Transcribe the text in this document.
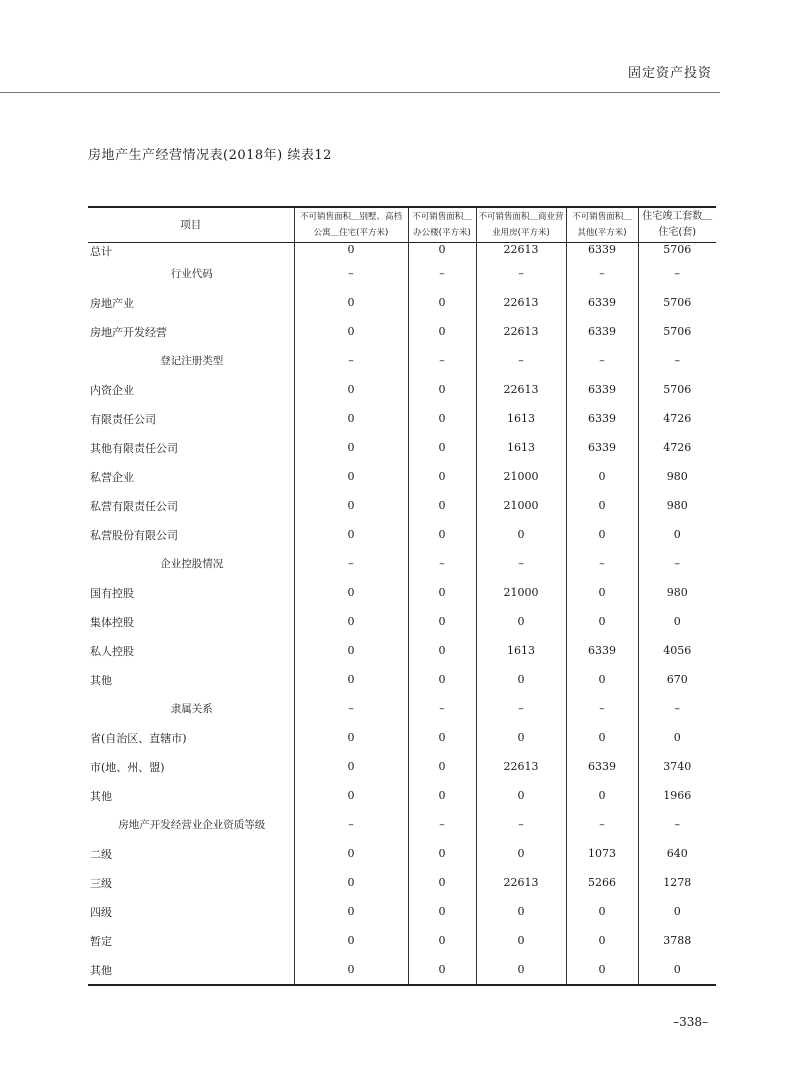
固定资产投资
房地产生产经营情况表(2018年) 续表12
项目	不可销售面积＿别墅、高档公寓＿住宅(平方米)	不可销售面积＿办公楼(平方米)	不可销售面积＿商业营业用房(平方米)	不可销售面积＿其他(平方米)	住宅竣工套数＿住宅(套)
总计	0	0	22613	6339	5706
行业代码	–	–	–	–	–
房地产业	0	0	22613	6339	5706
房地产开发经营	0	0	22613	6339	5706
登记注册类型	–	–	–	–	–
内资企业	0	0	22613	6339	5706
有限责任公司	0	0	1613	6339	4726
其他有限责任公司	0	0	1613	6339	4726
私营企业	0	0	21000	0	980
私营有限责任公司	0	0	21000	0	980
私营股份有限公司	0	0	0	0	0
企业控股情况	–	–	–	–	–
国有控股	0	0	21000	0	980
集体控股	0	0	0	0	0
私人控股	0	0	1613	6339	4056
其他	0	0	0	0	670
隶属关系	–	–	–	–	–
省(自治区、直辖市)	0	0	0	0	0
市(地、州、盟)	0	0	22613	6339	3740
其他	0	0	0	0	1966
房地产开发经营业企业资质等级	–	–	–	–	–
二级	0	0	0	1073	640
三级	0	0	22613	5266	1278
四级	0	0	0	0	0
暂定	0	0	0	0	3788
其他	0	0	0	0	0
–338–
